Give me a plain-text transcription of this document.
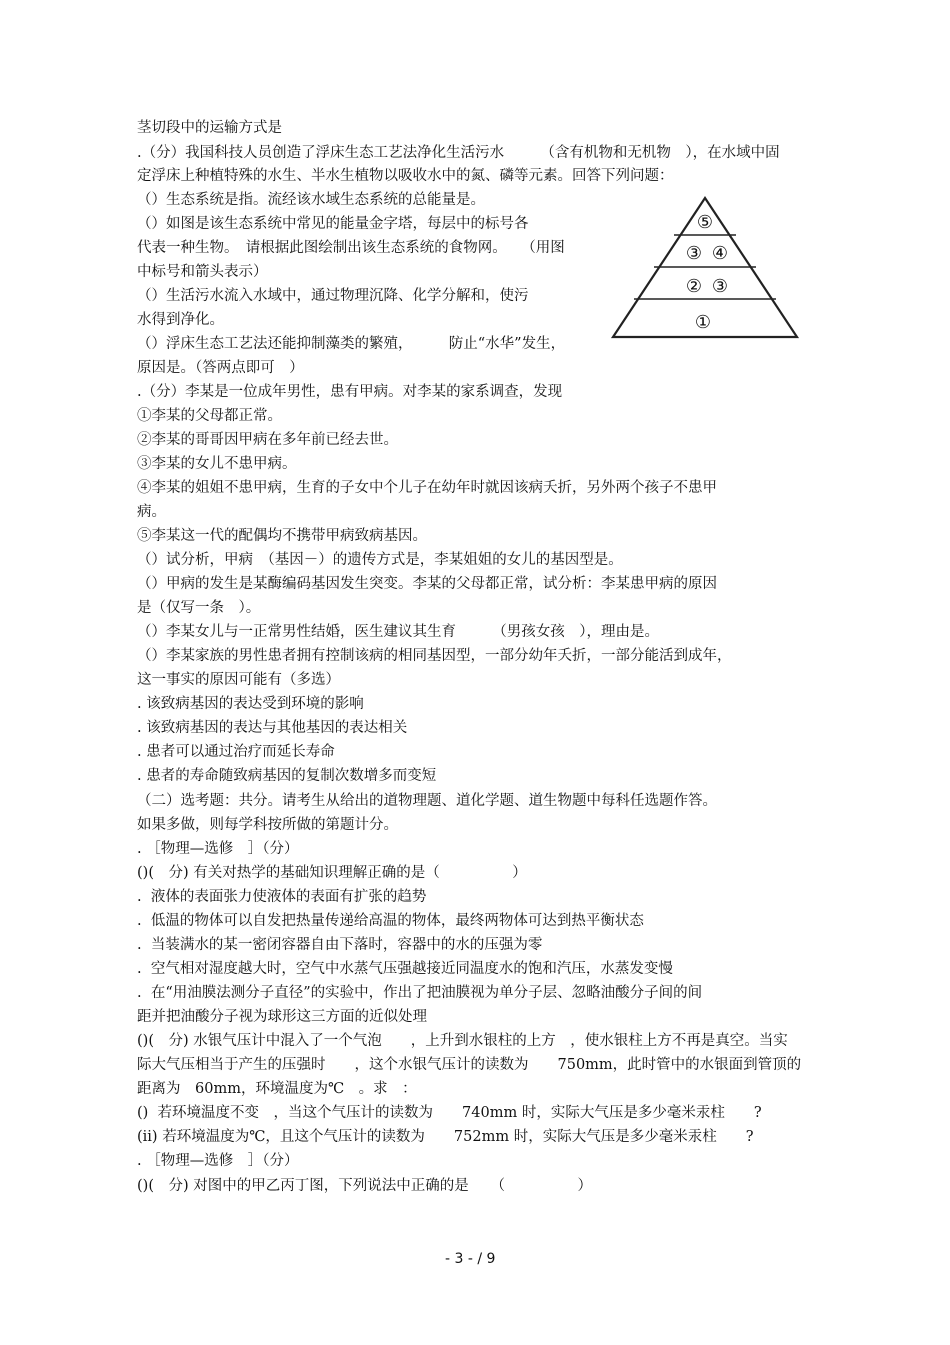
茎切段中的运输方式是
.（分）我国科技人员创造了浮床生态工艺法净化生活污水　　　（含有机物和无机物　），在水域中固
定浮床上种植特殊的水生、半水生植物以吸收水中的氮、磷等元素。回答下列问题：
（）生态系统是指。流经该水域生态系统的总能量是。
（）如图是该生态系统中常见的能量金字塔，每层中的标号各
代表一种生物。　请根据此图绘制出该生态系统的食物网。　　（用图
中标号和箭头表示）
（）生活污水流入水域中，通过物理沉降、化学分解和，使污
水得到净化。
（）浮床生态工艺法还能抑制藻类的繁殖，　　　防止“水华”发生，
原因是。（答两点即可　）
.（分）李某是一位成年男性，患有甲病。对李某的家系调查，发现
①李某的父母都正常。
②李某的哥哥因甲病在多年前已经去世。
③李某的女儿不患甲病。
④李某的姐姐不患甲病，生育的子女中个儿子在幼年时就因该病夭折，另外两个孩子不患甲
病。
⑤李某这一代的配偶均不携带甲病致病基因。
（）试分析，甲病　（基因－）的遗传方式是，李某姐姐的女儿的基因型是。
（）甲病的发生是某酶编码基因发生突变。李某的父母都正常，试分析：李某患甲病的原因
是（仅写一条　）。
（）李某女儿与一正常男性结婚，医生建议其生育　　　（男孩女孩　），理由是。
（）李某家族的男性患者拥有控制该病的相同基因型，一部分幼年夭折，一部分能活到成年，
这一事实的原因可能有（多选）
. 该致病基因的表达受到环境的影响
. 该致病基因的表达与其他基因的表达相关
. 患者可以通过治疗而延长寿命
. 患者的寿命随致病基因的复制次数增多而变短
（二）选考题：共分。请考生从给出的道物理题、道化学题、道生物题中每科任选题作答。
如果多做，则每学科按所做的第题计分。
. ［物理—选修　］（分）
()(　分) 有关对热学的基础知识理解正确的是（　　　　　）
.  液体的表面张力使液体的表面有扩张的趋势
.  低温的物体可以自发把热量传递给高温的物体，最终两物体可达到热平衡状态
.  当装满水的某一密闭容器自由下落时，容器中的水的压强为零
.  空气相对湿度越大时，空气中水蒸气压强越接近同温度水的饱和汽压，水蒸发变慢
.  在“用油膜法测分子直径”的实验中，作出了把油膜视为单分子层、忽略油酸分子间的间
距并把油酸分子视为球形这三方面的近似处理
()(　分) 水银气压计中混入了一个气泡　　，上升到水银柱的上方　，使水银柱上方不再是真空。当实
际大气压相当于产生的压强时　　，这个水银气压计的读数为　　750mm，此时管中的水银面到管顶的
距离为　60mm，环境温度为℃　。求　：
()  若环境温度不变　，当这个气压计的读数为　　740mm 时，实际大气压是多少毫米汞柱　　?
(ⅱ) 若环境温度为℃，且这个气压计的读数为　　752mm 时，实际大气压是多少毫米汞柱　　?
. ［物理—选修　］（分）
()(　分) 对图中的甲乙丙丁图，下列说法中正确的是　　（　　　　　）
⑤
③ ④
② ③
①
- 3 - / 9
